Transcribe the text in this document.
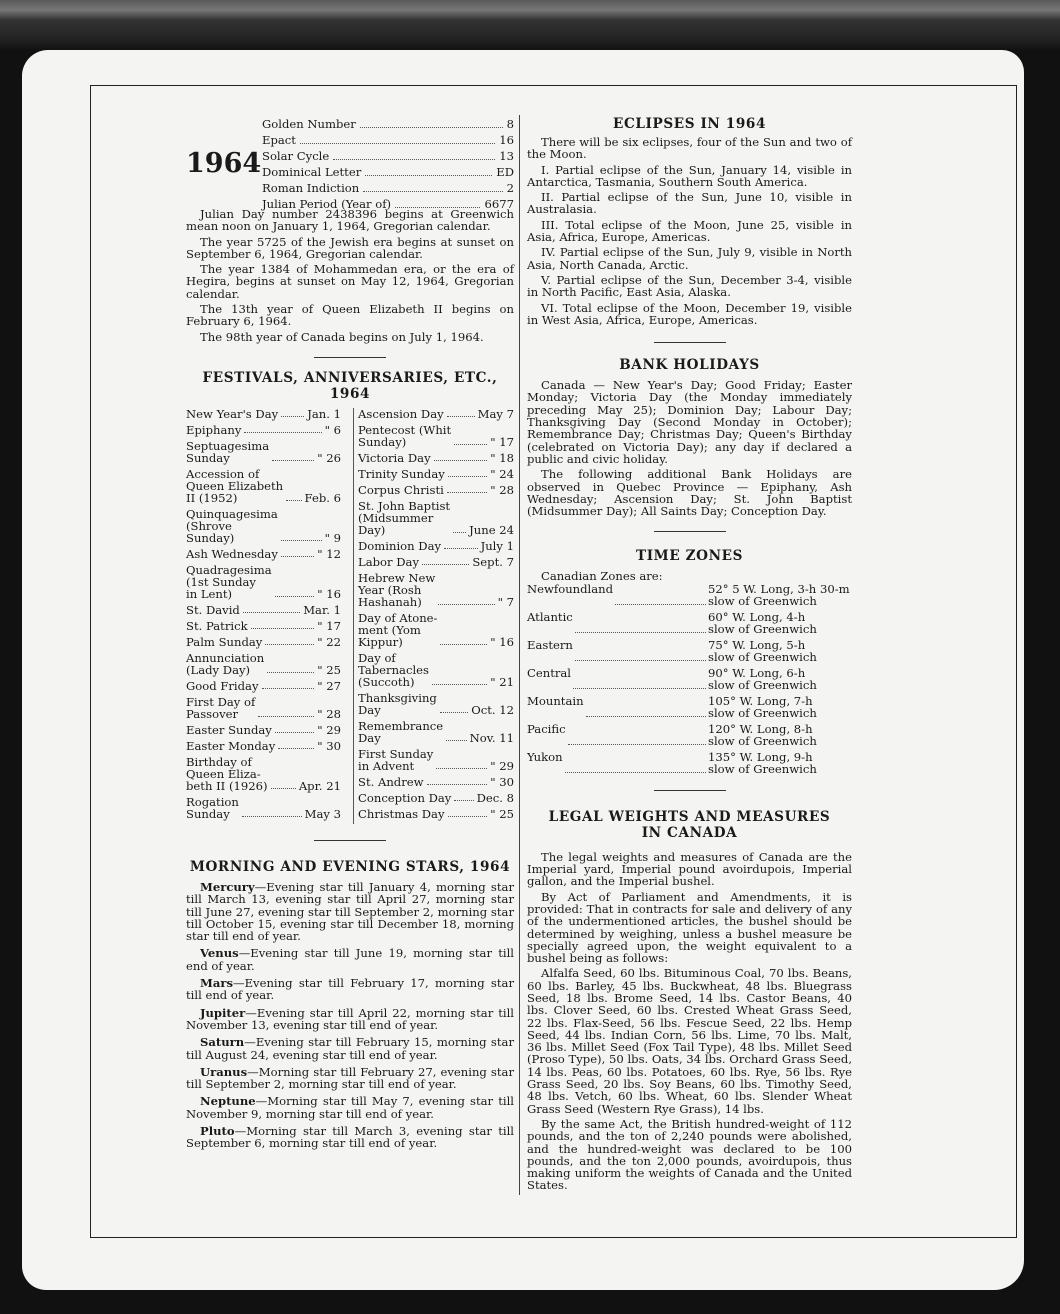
1964
Golden Number	8
Epact	16
Solar Cycle	13
Dominical Letter	ED
Roman Indiction	2
Julian Period (Year of)	6677

Julian Day number 2438396 begins at Greenwich mean noon on January 1, 1964, Gregorian calendar.

The year 5725 of the Jewish era begins at sunset on September 6, 1964, Gregorian calendar.

The year 1384 of Mohammedan era, or the era of Hegira, begins at sunset on May 12, 1964, Gregorian calendar.

The 13th year of Queen Elizabeth II begins on February 6, 1964.

The 98th year of Canada begins on July 1, 1964.

FESTIVALS, ANNIVERSARIES, ETC., 1964
New Year's Day	Jan. 1
Epiphany	" 6
Septuagesima
Sunday	" 26
Accession of
Queen Elizabeth
II (1952)	Feb. 6
Quinquagesima
(Shrove
Sunday)	" 9
Ash Wednesday	" 12
Quadragesima
(1st Sunday
in Lent)	" 16
St. David	Mar. 1
St. Patrick	" 17
Palm Sunday	" 22
Annunciation
(Lady Day)	" 25
Good Friday	" 27
First Day of
Passover	" 28
Easter Sunday	" 29
Easter Monday	" 30
Birthday of
Queen Eliza-
beth II (1926)	Apr. 21
Rogation
Sunday	May 3
Ascension Day	May 7
Pentecost (Whit
Sunday)	" 17
Victoria Day	" 18
Trinity Sunday	" 24
Corpus Christi	" 28
St. John Baptist
(Midsummer
Day)	June 24
Dominion Day	July 1
Labor Day	Sept. 7
Hebrew New
Year (Rosh
Hashanah)	" 7
Day of Atone-
ment (Yom
Kippur)	" 16
Day of
Tabernacles
(Succoth)	" 21
Thanksgiving
Day	Oct. 12
Remembrance
Day	Nov. 11
First Sunday
in Advent	" 29
St. Andrew	" 30
Conception Day Dec. 8
Christmas Day	" 25
MORNING AND EVENING STARS, 1964

Mercury—Evening star till January 4, morning star till March 13, evening star till April 27, morning star till June 27, evening star till September 2, morning star till October 15, evening star till December 18, morning star till end of year.

Venus—Evening star till June 19, morning star till end of year.

Mars—Evening star till February 17, morning star till end of year.

Jupiter—Evening star till April 22, morning star till November 13, evening star till end of year.

Saturn—Evening star till February 15, morning star till August 24, evening star till end of year.

Uranus—Morning star till February 27, evening star till September 2, morning star till end of year.

Neptune—Morning star till May 7, evening star till November 9, morning star till end of year.

Pluto—Morning star till March 3, evening star till September 6, morning star till end of year.

ECLIPSES IN 1964

There will be six eclipses, four of the Sun and two of the Moon.

I. Partial eclipse of the Sun, January 14, visible in Antarctica, Tasmania, Southern South America.

II. Partial eclipse of the Sun, June 10, visible in Australasia.

III. Total eclipse of the Moon, June 25, visible in Asia, Africa, Europe, Americas.

IV. Partial eclipse of the Sun, July 9, visible in North Asia, North Canada, Arctic.

V. Partial eclipse of the Sun, December 3-4, visible in North Pacific, East Asia, Alaska.

VI. Total eclipse of the Moon, December 19, visible in West Asia, Africa, Europe, Americas.

BANK HOLIDAYS

Canada — New Year's Day; Good Friday; Easter Monday; Victoria Day (the Monday immediately preceding May 25); Dominion Day; Labour Day; Thanksgiving Day (Second Monday in October); Remembrance Day; Christmas Day; Queen's Birthday (celebrated on Victoria Day); any day if declared a public and civic holiday.

The following additional Bank Holidays are observed in Quebec Province — Epiphany, Ash Wednesday; Ascension Day; St. John Baptist (Midsummer Day); All Saints Day; Conception Day.

TIME ZONES
Canadian Zones are:
Newfoundland	52° 5 W. Long, 3-h 30-m
slow of Greenwich
Atlantic	60° W. Long, 4-h
slow of Greenwich
Eastern	75° W. Long, 5-h
slow of Greenwich
Central	90° W. Long, 6-h
slow of Greenwich
Mountain	105° W. Long, 7-h
slow of Greenwich
Pacific	120° W. Long, 8-h
slow of Greenwich
Yukon	135° W. Long, 9-h
slow of Greenwich
LEGAL WEIGHTS AND MEASURES
IN CANADA

The legal weights and measures of Canada are the Imperial yard, Imperial pound avoirdupois, Imperial gallon, and the Imperial bushel.

By Act of Parliament and Amendments, it is provided: That in contracts for sale and delivery of any of the undermentioned articles, the bushel should be determined by weighing, unless a bushel measure be specially agreed upon, the weight equivalent to a bushel being as follows:

Alfalfa Seed, 60 lbs. Bituminous Coal, 70 lbs. Beans, 60 lbs. Barley, 45 lbs. Buckwheat, 48 lbs. Bluegrass Seed, 18 lbs. Brome Seed, 14 lbs. Castor Beans, 40 lbs. Clover Seed, 60 lbs. Crested Wheat Grass Seed, 22 lbs. Flax-Seed, 56 lbs. Fescue Seed, 22 lbs. Hemp Seed, 44 lbs. Indian Corn, 56 lbs. Lime, 70 lbs. Malt, 36 lbs. Millet Seed (Fox Tail Type), 48 lbs. Millet Seed (Proso Type), 50 lbs. Oats, 34 lbs. Orchard Grass Seed, 14 lbs. Peas, 60 lbs. Potatoes, 60 lbs. Rye, 56 lbs. Rye Grass Seed, 20 lbs. Soy Beans, 60 lbs. Timothy Seed, 48 lbs. Vetch, 60 lbs. Wheat, 60 lbs. Slender Wheat Grass Seed (Western Rye Grass), 14 lbs.

By the same Act, the British hundred-weight of 112 pounds, and the ton of 2,240 pounds were abolished, and the hundred-weight was declared to be 100 pounds, and the ton 2,000 pounds, avoirdupois, thus making uniform the weights of Canada and the United States.
